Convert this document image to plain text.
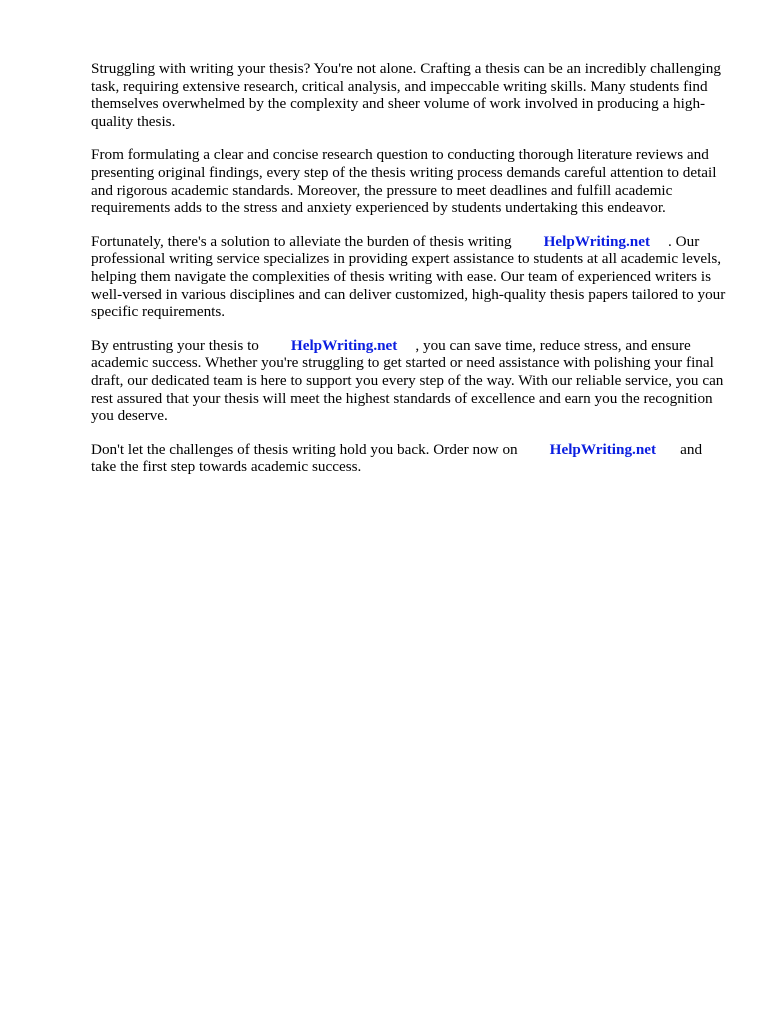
Struggling with writing your thesis? You're not alone. Crafting a thesis can be an incredibly challenging task, requiring extensive research, critical analysis, and impeccable writing skills. Many students find themselves overwhelmed by the complexity and sheer volume of work involved in producing a high-quality thesis.

From formulating a clear and concise research question to conducting thorough literature reviews and presenting original findings, every step of the thesis writing process demands careful attention to detail and rigorous academic standards. Moreover, the pressure to meet deadlines and fulfill academic requirements adds to the stress and anxiety experienced by students undertaking this endeavor.

Fortunately, there's a solution to alleviate the burden of thesis writing HelpWriting.net . Our professional writing service specializes in providing expert assistance to students at all academic levels, helping them navigate the complexities of thesis writing with ease. Our team of experienced writers is well-versed in various disciplines and can deliver customized, high-quality thesis papers tailored to your specific requirements.

By entrusting your thesis to HelpWriting.net , you can save time, reduce stress, and ensure academic success. Whether you're struggling to get started or need assistance with polishing your final draft, our dedicated team is here to support you every step of the way. With our reliable service, you can rest assured that your thesis will meet the highest standards of excellence and earn you the recognition you deserve.

Don't let the challenges of thesis writing hold you back. Order now on HelpWriting.net and take the first step towards academic success.
